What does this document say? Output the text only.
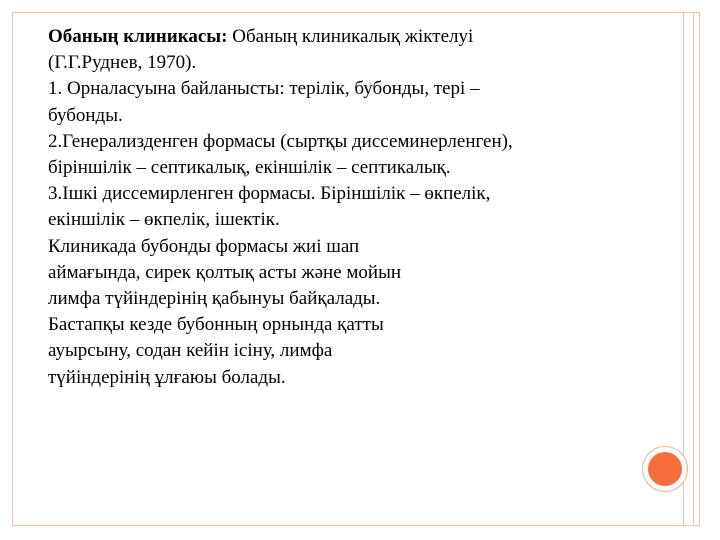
Обаның клиникасы: Обаның клиникалық жіктелуі
(Г.Г.Руднев, 1970).
1. Орналасуына байланысты: терілік, бубонды, тері –
бубонды.
2.Генерализденген формасы (сыртқы диссеминерленген),
біріншілік – септикалық, екіншілік – септикалық.
3.Ішкі диссемирленген формасы. Біріншілік – өкпелік,
екіншілік – өкпелік, ішектік.
Клиникада бубонды формасы жиі шап
аймағында, сирек қолтық асты және мойын
лимфа түйіндерінің қабынуы байқалады.
Бастапқы кезде бубонның орнында қатты
ауырсыну, содан кейін ісіну, лимфа
түйіндерінің ұлғаюы болады.
